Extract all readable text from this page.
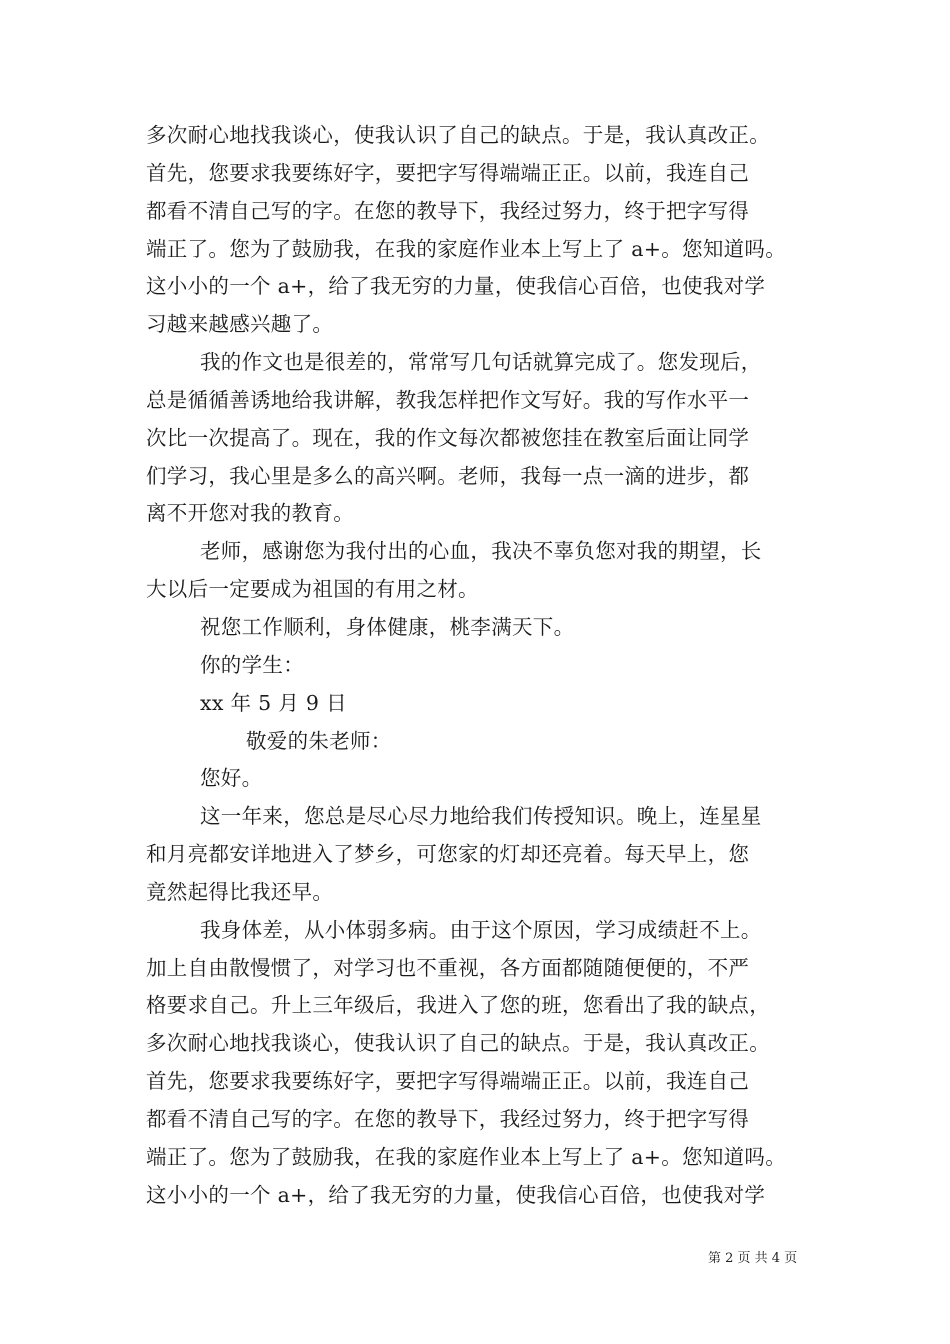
多次耐心地找我谈心，使我认识了自己的缺点。于是，我认真改正。
首先，您要求我要练好字，要把字写得端端正正。以前，我连自己
都看不清自己写的字。在您的教导下，我经过努力，终于把字写得
端正了。您为了鼓励我，在我的家庭作业本上写上了 a+。您知道吗。
这小小的一个 a+，给了我无穷的力量，使我信心百倍，也使我对学
习越来越感兴趣了。
我的作文也是很差的，常常写几句话就算完成了。您发现后，
总是循循善诱地给我讲解，教我怎样把作文写好。我的写作水平一
次比一次提高了。现在，我的作文每次都被您挂在教室后面让同学
们学习，我心里是多么的高兴啊。老师，我每一点一滴的进步，都
离不开您对我的教育。
老师，感谢您为我付出的心血，我决不辜负您对我的期望，长
大以后一定要成为祖国的有用之材。
祝您工作顺利，身体健康，桃李满天下。
你的学生：
xx 年 5 月 9 日
敬爱的朱老师：
您好。
这一年来，您总是尽心尽力地给我们传授知识。晚上，连星星
和月亮都安详地进入了梦乡，可您家的灯却还亮着。每天早上，您
竟然起得比我还早。
我身体差，从小体弱多病。由于这个原因，学习成绩赶不上。
加上自由散慢惯了，对学习也不重视，各方面都随随便便的，不严
格要求自己。升上三年级后，我进入了您的班，您看出了我的缺点，
多次耐心地找我谈心，使我认识了自己的缺点。于是，我认真改正。
首先，您要求我要练好字，要把字写得端端正正。以前，我连自己
都看不清自己写的字。在您的教导下，我经过努力，终于把字写得
端正了。您为了鼓励我，在我的家庭作业本上写上了 a+。您知道吗。
这小小的一个 a+，给了我无穷的力量，使我信心百倍，也使我对学
第 2 页 共 4 页
